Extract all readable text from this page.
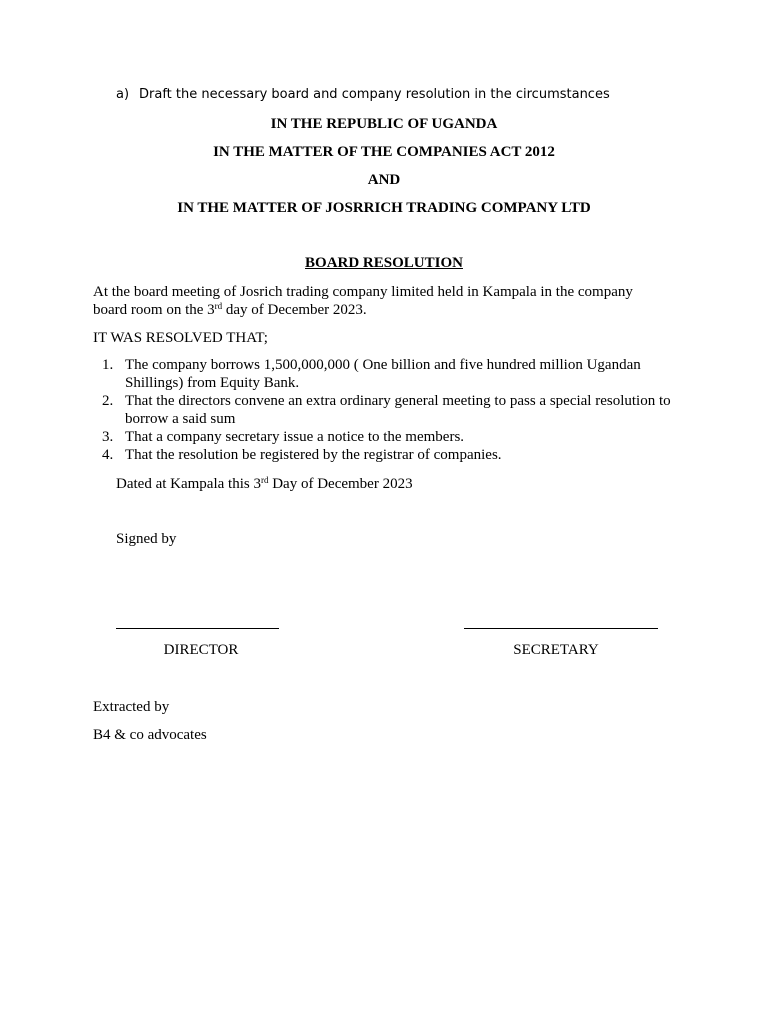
a) Draft the necessary board and company resolution in the circumstances
IN THE REPUBLIC OF UGANDA
IN THE MATTER OF THE COMPANIES ACT 2012
AND
IN THE MATTER OF JOSRRICH TRADING COMPANY LTD
BOARD RESOLUTION
At the board meeting of Josrich trading company limited held in Kampala in the company
board room on the 3rd day of December 2023.
IT WAS RESOLVED THAT;
1. The company borrows 1,500,000,000 ( One billion and five hundred million Ugandan Shillings) from Equity Bank.
2. That the directors convene an extra ordinary general meeting to pass a special resolution to borrow a said sum
3. That a company secretary issue a notice to the members.
4. That the resolution be registered by the registrar of companies.
Dated at Kampala this 3rd Day of December 2023
Signed by
DIRECTOR	SECRETARY
Extracted by
B4 & co advocates
